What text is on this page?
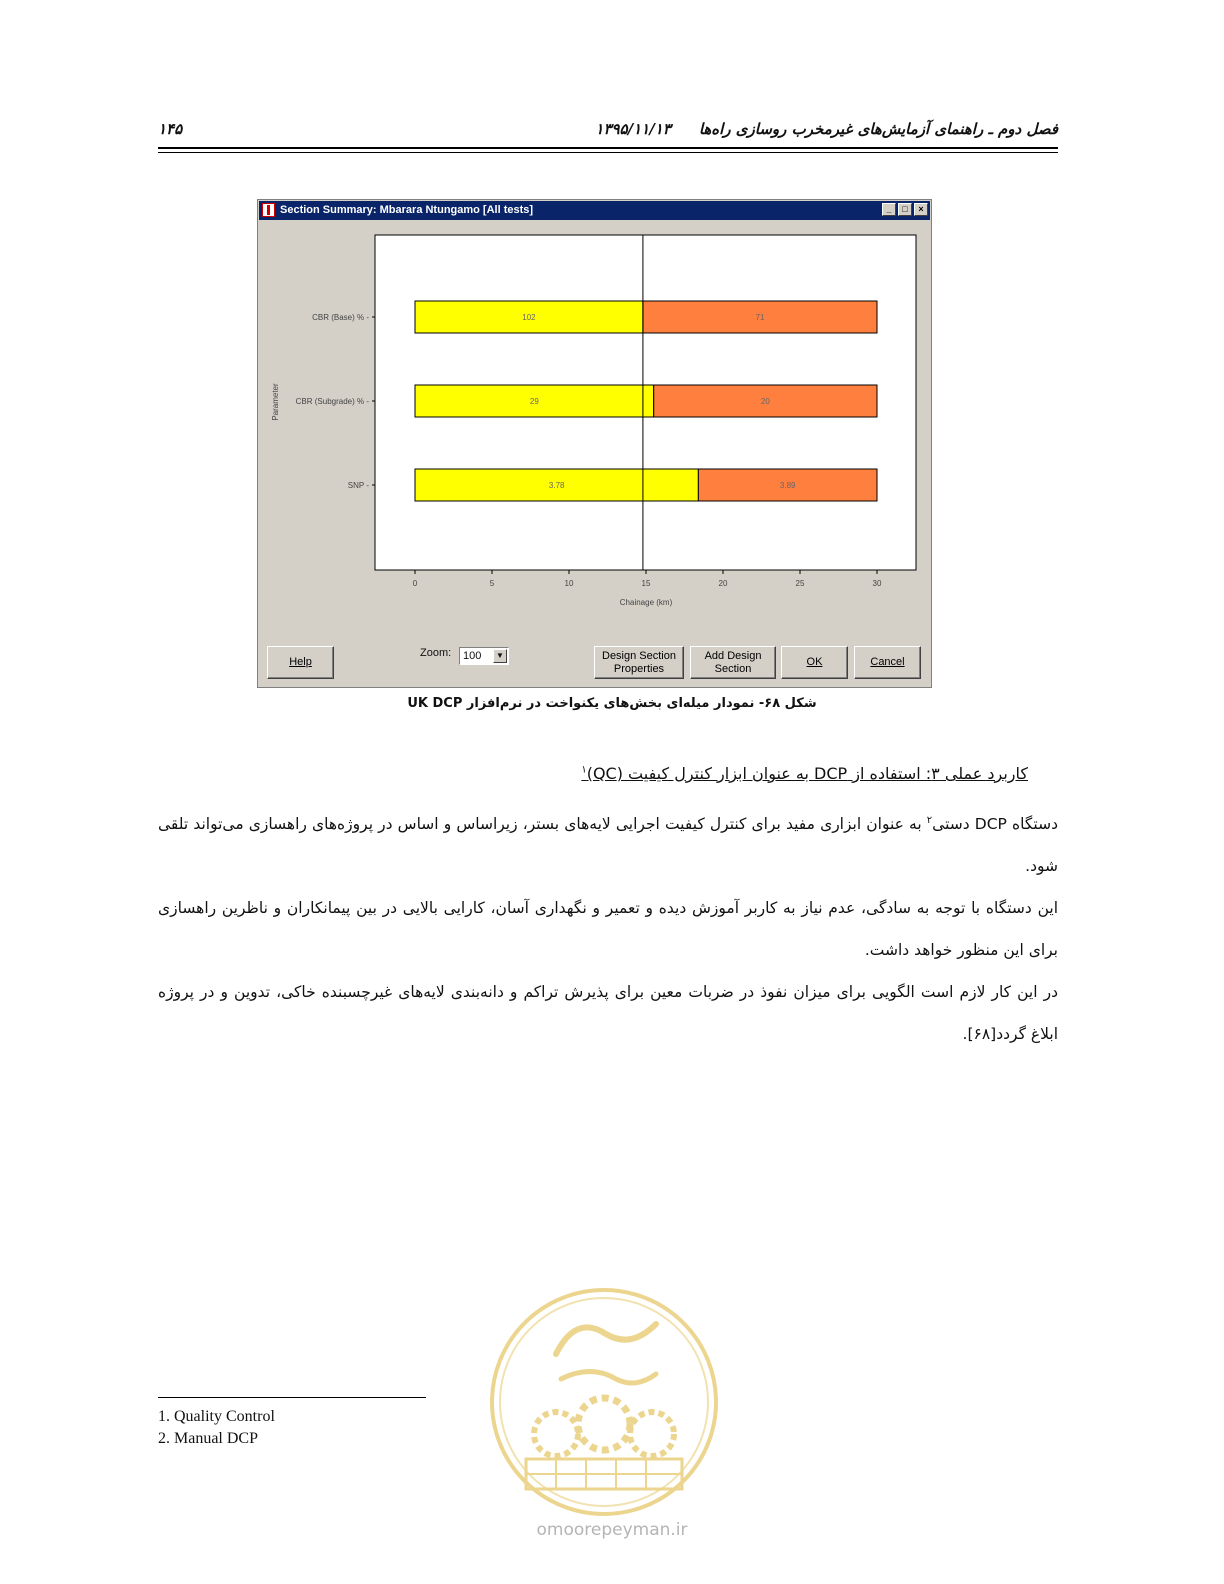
فصل دوم ـ راهنمای آزمایش‌های غیرمخرب روسازی راه‌ها۱۳۹۵/۱۱/۱۳
۱۴۵
Section Summary: Mbarara Ntungamo [All tests]	_	□	×
102	71
CBR (Base) % -
29	20
CBR (Subgrade) % -
3.78	3.89
SNP -
0	5	10	15	20	25	30
Chainage (km)
Parameter
Help
Zoom: 100	▼	Design Section
Properties
Add Design
Section
OK	Cancel
شکل ۶۸- نمودار میله‌ای بخش‌های یکنواخت در نرم‌افزار UK DCP
کاربرد عملی ۳: استفاده از DCP به عنوان ابزار کنترل کیفیت (QC)$^۱$

دستگاه DCP دستی$^۲$ به عنوان ابزاری مفید برای کنترل کیفیت اجرایی لایه‌های بستر، زیراساس و اساس در پروژه‌های راهسازی می‌تواند تلقی شود.

این دستگاه با توجه به سادگی، عدم نیاز به کاربر آموزش دیده و تعمیر و نگهداری آسان، کارایی بالایی در بین پیمانکاران و ناظرین راهسازی برای این منظور خواهد داشت.

در این کار لازم است الگویی برای میزان نفوذ در ضربات معین برای پذیرش تراکم و دانه‌بندی لایه‌های غیرچسبنده خاکی، تدوین و در پروژه ابلاغ گردد[۶۸].

1. Quality Control
2. Manual DCP
omoorepeyman.ir
